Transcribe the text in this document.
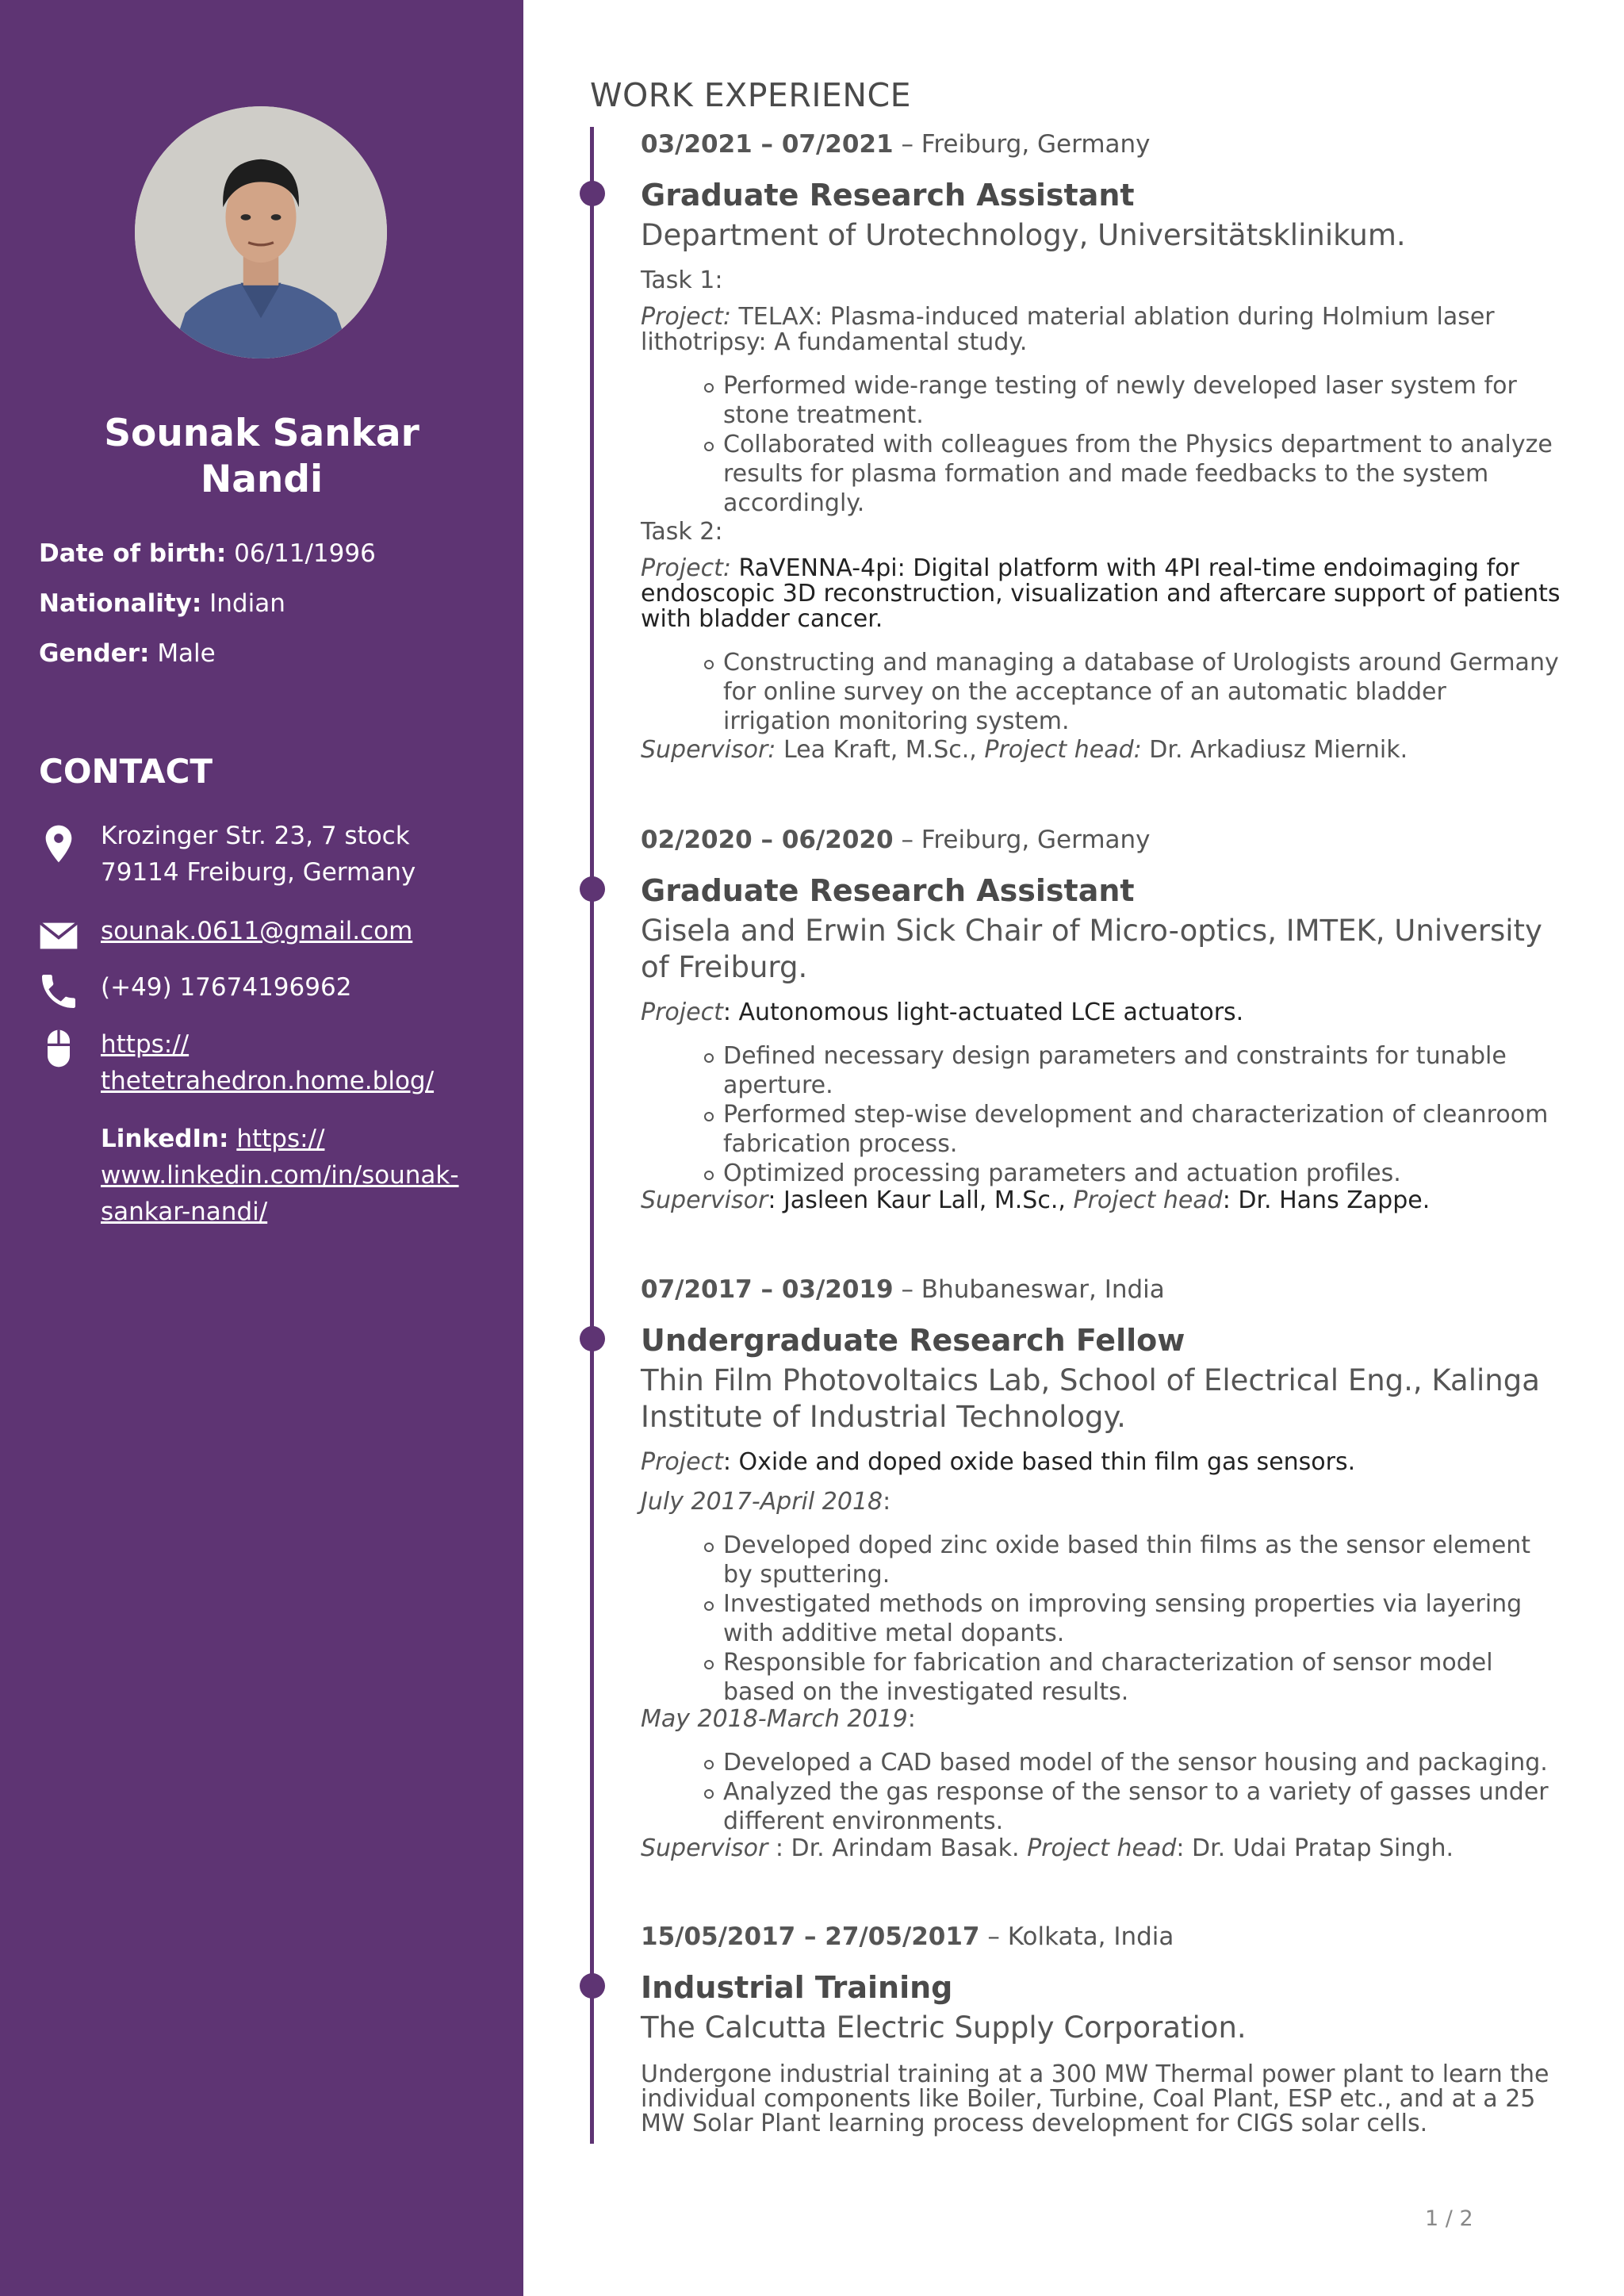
Sounak Sankar
Nandi
Date of birth: 06/11/1996
Nationality: Indian
Gender: Male
CONTACT
Krozinger Str. 23, 7 stock
79114 Freiburg, Germany
sounak.0611@gmail.com
(+49) 17674196962
https://
thetetrahedron.home.blog/
LinkedIn: https://
www.linkedin.com/in/sounak-
sankar-nandi/
WORK EXPERIENCE
03/2021 – 07/2021 – Freiburg, Germany
Graduate Research Assistant
Department of Urotechnology, Universitätsklinikum.
Task 1:
Project: TELAX: Plasma-induced material ablation during Holmium laser lithotripsy: A fundamental study.
Performed wide-range testing of newly developed laser system for stone treatment.
Collaborated with colleagues from the Physics department to analyze results for plasma formation and made feedbacks to the system accordingly.
Task 2:
Project: RaVENNA-4pi: Digital platform with 4PI real-time endoimaging for endoscopic 3D reconstruction, visualization and aftercare support of patients with bladder cancer.
Constructing and managing a database of Urologists around Germany for online survey on the acceptance of an automatic bladder irrigation monitoring system.
Supervisor: Lea Kraft, M.Sc., Project head: Dr. Arkadiusz Miernik.
02/2020 – 06/2020 – Freiburg, Germany
Graduate Research Assistant
Gisela and Erwin Sick Chair of Micro-optics, IMTEK, University of Freiburg.
Project: Autonomous light-actuated LCE actuators.
Defined necessary design parameters and constraints for tunable aperture.
Performed step-wise development and characterization of cleanroom fabrication process.
Optimized processing parameters and actuation profiles.
Supervisor: Jasleen Kaur Lall, M.Sc., Project head: Dr. Hans Zappe.
07/2017 – 03/2019 – Bhubaneswar, India
Undergraduate Research Fellow
Thin Film Photovoltaics Lab, School of Electrical Eng., Kalinga Institute of Industrial Technology.
Project: Oxide and doped oxide based thin film gas sensors.
July 2017-April 2018:
Developed doped zinc oxide based thin films as the sensor element by sputtering.
Investigated methods on improving sensing properties via layering with additive metal dopants.
Responsible for fabrication and characterization of sensor model based on the investigated results.
May 2018-March 2019:
Developed a CAD based model of the sensor housing and packaging.
Analyzed the gas response of the sensor to a variety of gasses under different environments.
Supervisor : Dr. Arindam Basak. Project head: Dr. Udai Pratap Singh.
15/05/2017 – 27/05/2017 – Kolkata, India
Industrial Training
The Calcutta Electric Supply Corporation.
Undergone industrial training at a 300 MW Thermal power plant to learn the individual components like Boiler, Turbine, Coal Plant, ESP etc., and at a 25 MW Solar Plant learning process development for CIGS solar cells.
1 / 2
